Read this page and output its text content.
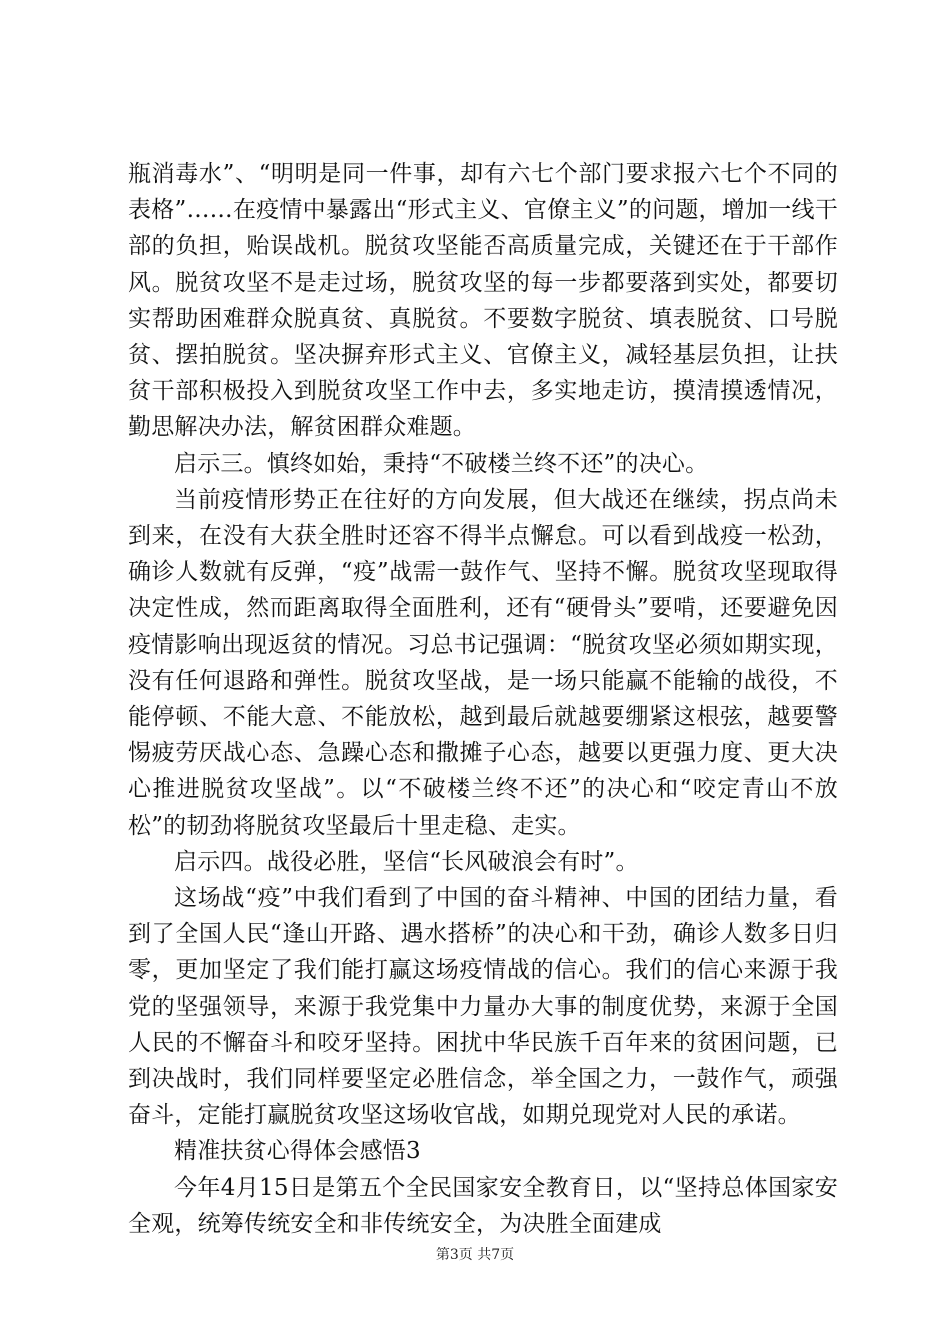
瓶消毒水”、“明明是同一件事，却有六七个部门要求报六七个不同的表格”……在疫情中暴露出“形式主义、官僚主义”的问题，增加一线干部的负担，贻误战机。脱贫攻坚能否高质量完成，关键还在于干部作风。脱贫攻坚不是走过场，脱贫攻坚的每一步都要落到实处，都要切实帮助困难群众脱真贫、真脱贫。不要数字脱贫、填表脱贫、口号脱贫、摆拍脱贫。坚决摒弃形式主义、官僚主义，减轻基层负担，让扶贫干部积极投入到脱贫攻坚工作中去，多实地走访，摸清摸透情况，勤思解决办法，解贫困群众难题。

启示三。慎终如始，秉持“不破楼兰终不还”的决心。

当前疫情形势正在往好的方向发展，但大战还在继续，拐点尚未到来，在没有大获全胜时还容不得半点懈怠。可以看到战疫一松劲，确诊人数就有反弹，“疫”战需一鼓作气、坚持不懈。脱贫攻坚现取得决定性成，然而距离取得全面胜利，还有“硬骨头”要啃，还要避免因疫情影响出现返贫的情况。习总书记强调：“脱贫攻坚必须如期实现，没有任何退路和弹性。脱贫攻坚战，是一场只能赢不能输的战役，不能停顿、不能大意、不能放松，越到最后就越要绷紧这根弦，越要警惕疲劳厌战心态、急躁心态和撒摊子心态，越要以更强力度、更大决心推进脱贫攻坚战”。以“不破楼兰终不还”的决心和“咬定青山不放松”的韧劲将脱贫攻坚最后十里走稳、走实。

启示四。战役必胜，坚信“长风破浪会有时”。

这场战“疫”中我们看到了中国的奋斗精神、中国的团结力量，看到了全国人民“逢山开路、遇水搭桥”的决心和干劲，确诊人数多日归零，更加坚定了我们能打赢这场疫情战的信心。我们的信心来源于我党的坚强领导，来源于我党集中力量办大事的制度优势，来源于全国人民的不懈奋斗和咬牙坚持。困扰中华民族千百年来的贫困问题，已到决战时，我们同样要坚定必胜信念，举全国之力，一鼓作气，顽强奋斗，定能打赢脱贫攻坚这场收官战，如期兑现党对人民的承诺。

精准扶贫心得体会感悟3

今年4月15日是第五个全民国家安全教育日，以“坚持总体国家安全观，统筹传统安全和非传统安全，为决胜全面建成

第3页 共7页
